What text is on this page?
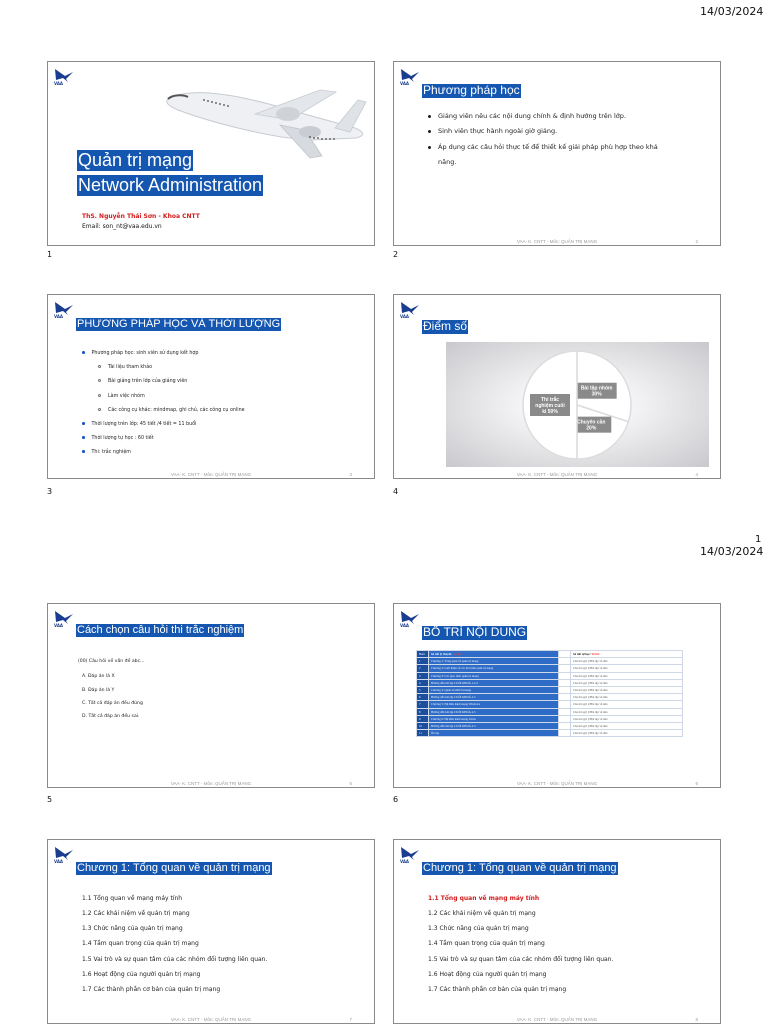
14/03/2024
1
14/03/2024
VAA
Quản trị mạng
Network Administration
ThS. Nguyễn Thái Sơn - Khoa CNTT
Email: son_nt@vaa.edu.vn
1
VAA Phương pháp học
Giảng viên nêu các nội dung chính & định hướng trên lớp.
Sinh viên thực hành ngoài giờ giảng.
Áp dụng các câu hỏi thực tế để thiết kế giải pháp phù hợp theo khả
năng.
VAA- K. CNTT - Môn: QUẢN TRỊ MẠNG	2
2
VAA
PHƯƠNG PHÁP HỌC VÀ THỜI LƯỢNG
Phương pháp học: sinh viên sử dụng kết hợp
Tài liệu tham khảo
Bài giảng trên lớp của giảng viên
Làm việc nhóm
Các công cụ khác: mindmap, ghi chú, các công cụ online
Thời lượng trên lớp: 45 tiết /4 tiết = 11 buổi
Thời lượng tự học : 60 tiết
Thi: trắc nghiệm
VAA- K. CNTT - Môn: QUẢN TRỊ MẠNG	3
3
VAA
Điểm số
Bài tập nhóm
30%
Chuyên cần
20%
Thi trắc
nghiệm cuối
kì 50%
VAA- K. CNTT - Môn: QUẢN TRỊ MẠNG	4
4
VAA Cách chọn câu hỏi thi trắc nghiệm
(00) Câu hỏi về vấn đề abc...
A. Đáp án là X
B. Đáp án là Y
C. Tất cả đáp án đều đúng
D. Tất cả đáp án đều sai.
VAA- K. CNTT - Môn: QUẢN TRỊ MẠNG	5
5
VAA BỐ TRÍ NỘI DUNG
Buổi	Số tiết lý thuyết: 42 tiết		Số tiết tự học: 90 tiết
1	Chương 1: Tổng quan về quản trị mạng		Câu hỏi gợi ý/Bài tập về nhà
2	Chương 2: Giới thiệu về các mô hình quản trị mạng		Câu hỏi gợi ý/Bài tập về nhà
3	Chương 3: Các giao thức quản trị mạng		Câu hỏi gợi ý/Bài tập về nhà
4	Hướng dẫn bài tập CUỐI KHOÁ 1-2-3		Câu hỏi gợi ý/Bài tập về nhà
5	Chương 4: Quản trị thiết bị mạng		Câu hỏi gợi ý/Bài tập về nhà
6	Hướng dẫn bài tập CUỐI KHOÁ 4-5		Câu hỏi gợi ý/Bài tập về nhà
7	Chương 5: Hệ điều hành mạng Windows		Câu hỏi gợi ý/Bài tập về nhà
8	Hướng dẫn bài tập CUỐI KHOÁ 4-5		Câu hỏi gợi ý/Bài tập về nhà
9	Chương 6: Hệ điều hành mạng Linux		Câu hỏi gợi ý/Bài tập về nhà
10	Hướng dẫn bài tập CUỐI KHOÁ 4-5		Câu hỏi gợi ý/Bài tập về nhà
11	Ôn tập		Câu hỏi gợi ý/Bài tập về nhà
VAA- K. CNTT - Môn: QUẢN TRỊ MẠNG	6
6
VAA
Chương 1: Tổng quan về quản trị mạng
1.1 Tổng quan về mạng máy tính
1.2 Các khái niệm về quản trị mạng
1.3 Chức năng của quản trị mạng
1.4 Tầm quan trọng của quản trị mạng
1.5 Vai trò và sự quan tâm của các nhóm đối tượng liên quan.
1.6 Hoạt động của người quản trị mạng
1.7 Các thành phần cơ bản của quản trị mạng
VAA- K. CNTT - Môn: QUẢN TRỊ MẠNG	7
VAA
Chương 1: Tổng quan về quản trị mạng
1.1 Tổng quan về mạng máy tính
1.2 Các khái niệm về quản trị mạng
1.3 Chức năng của quản trị mạng
1.4 Tầm quan trọng của quản trị mạng
1.5 Vai trò và sự quan tâm của các nhóm đối tượng liên quan.
1.6 Hoạt động của người quản trị mạng
1.7 Các thành phần cơ bản của quản trị mạng
VAA- K. CNTT - Môn: QUẢN TRỊ MẠNG	8
